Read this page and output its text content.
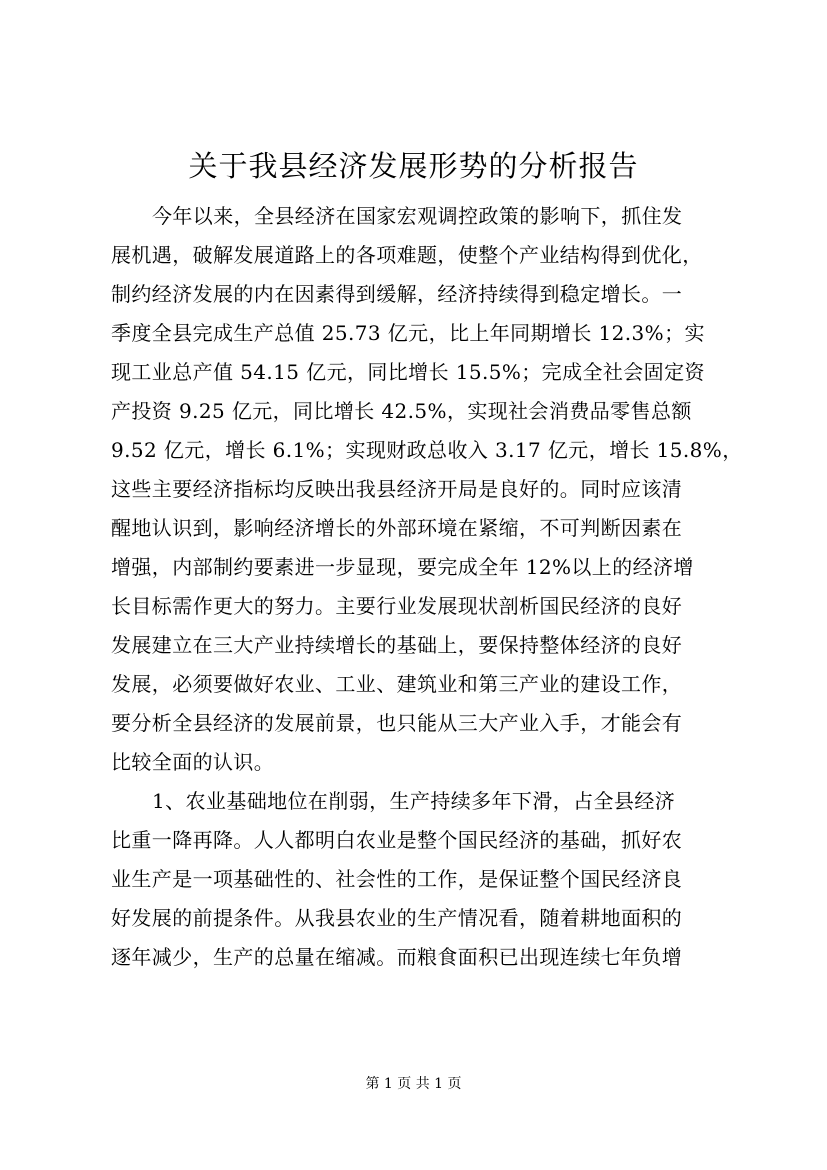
关于我县经济发展形势的分析报告
今年以来，全县经济在国家宏观调控政策的影响下，抓住发
展机遇，破解发展道路上的各项难题，使整个产业结构得到优化，
制约经济发展的内在因素得到缓解，经济持续得到稳定增长。一
季度全县完成生产总值 25.73 亿元，比上年同期增长 12.3%；实
现工业总产值 54.15 亿元，同比增长 15.5%；完成全社会固定资
产投资 9.25 亿元，同比增长 42.5%，实现社会消费品零售总额
9.52 亿元，增长 6.1%；实现财政总收入 3.17 亿元，增长 15.8%，
这些主要经济指标均反映出我县经济开局是良好的。同时应该清
醒地认识到，影响经济增长的外部环境在紧缩，不可判断因素在
增强，内部制约要素进一步显现，要完成全年 12%以上的经济增
长目标需作更大的努力。主要行业发展现状剖析国民经济的良好
发展建立在三大产业持续增长的基础上，要保持整体经济的良好
发展，必须要做好农业、工业、建筑业和第三产业的建设工作，
要分析全县经济的发展前景，也只能从三大产业入手，才能会有
比较全面的认识。
1、农业基础地位在削弱，生产持续多年下滑，占全县经济
比重一降再降。人人都明白农业是整个国民经济的基础，抓好农
业生产是一项基础性的、社会性的工作，是保证整个国民经济良
好发展的前提条件。从我县农业的生产情况看，随着耕地面积的
逐年减少，生产的总量在缩减。而粮食面积已出现连续七年负增
第 1 页 共 1 页
